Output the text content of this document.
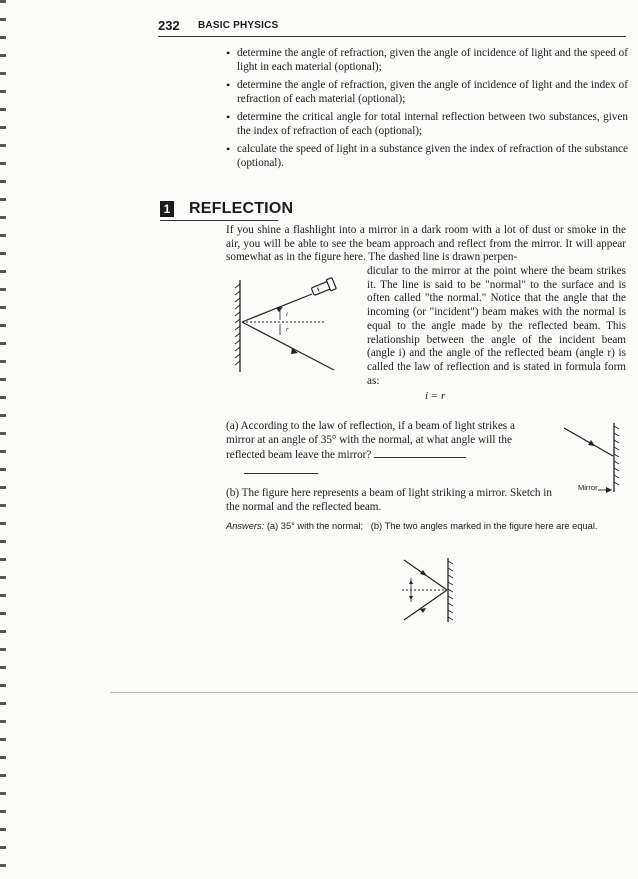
232 BASIC PHYSICS
• determine the angle of refraction, given the angle of incidence of light and the speed of light in each material (optional);
• determine the angle of refraction, given the angle of incidence of light and the index of refraction of each material (optional);
• determine the critical angle for total internal reflection between two substances, given the index of refraction of each (optional);
• calculate the speed of light in a substance given the index of refraction of the substance (optional).
1 REFLECTION

If you shine a flashlight into a mirror in a dark room with a lot of dust or smoke in the air, you will be able to see the beam approach and reflect from the mirror. It will appear somewhat as in the figure here. The dashed line is drawn perpen-

i
r

dicular to the mirror at the point where the beam strikes it. The line is said to be "normal" to the surface and is often called "the normal." Notice that the angle that the incoming (or "incident") beam makes with the normal is equal to the angle made by the reflected beam. This relationship between the angle of the incident beam (angle i) and the angle of the reflected beam (angle r) is called the law of reflection and is stated in formula form as:

i = r

(a) According to the law of reflection, if a beam of light strikes a mirror at an angle of 35° with the normal, at what angle will the reflected beam leave the mirror?

Mirror

(b) The figure here represents a beam of light striking a mirror. Sketch in the normal and the reflected beam.

Answers: (a) 35° with the normal; (b) The two angles marked in the figure here are equal.
